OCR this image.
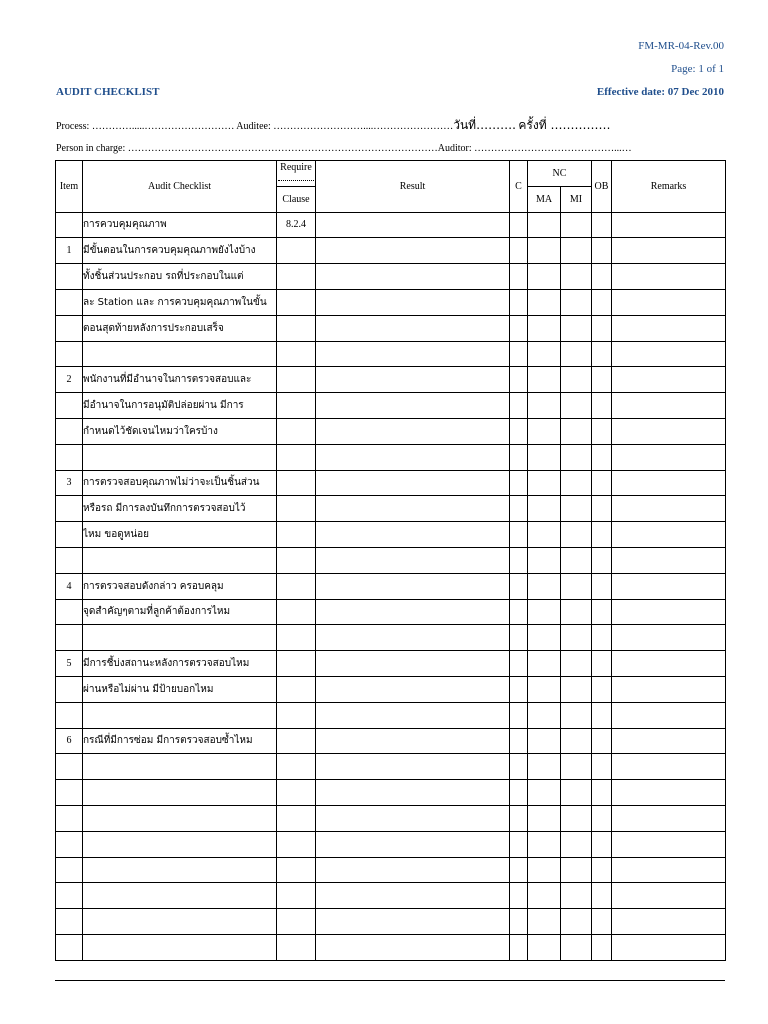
FM-MR-04-Rev.00
Page: 1 of 1
AUDIT CHECKLIST	Effective date: 07 Dec 2010
Process: ………….....……………………… Auditee: ………………………....……………………วันที่………. ครั้งที่ ……………
Person in charge: …………………………………………………………………………………Auditor: ……………………………………...…
Item	Audit Checklist	Require	Result	C	NC		OB	Remarks
		Clause			MA	MI		
	การควบคุมคุณภาพ	8.2.4						
1	มีขั้นตอนในการควบคุมคุณภาพยังไงบ้าง							
	ทั้งชิ้นส่วนประกอบ รถที่ประกอบในแต่							
	ละ Station และ การควบคุมคุณภาพในขั้น							
	ตอนสุดท้ายหลังการประกอบเสร็จ							

2	พนักงานที่มีอำนาจในการตรวจสอบและ							
	มีอำนาจในการอนุมัติปล่อยผ่าน มีการ							
	กำหนดไว้ชัดเจนไหมว่าใครบ้าง							

3	การตรวจสอบคุณภาพไม่ว่าจะเป็นชิ้นส่วน							
	หรือรถ มีการลงบันทึกการตรวจสอบไว้							
	ไหม ขอดูหน่อย							

4	การตรวจสอบดังกล่าว ครอบคลุม							
	จุดสำคัญๆตามที่ลูกค้าต้องการไหม							

5	มีการชี้บ่งสถานะหลังการตรวจสอบไหม							
	ผ่านหรือไม่ผ่าน มีป้ายบอกไหม							

6	กรณีที่มีการซ่อม มีการตรวจสอบซ้ำไหม							
